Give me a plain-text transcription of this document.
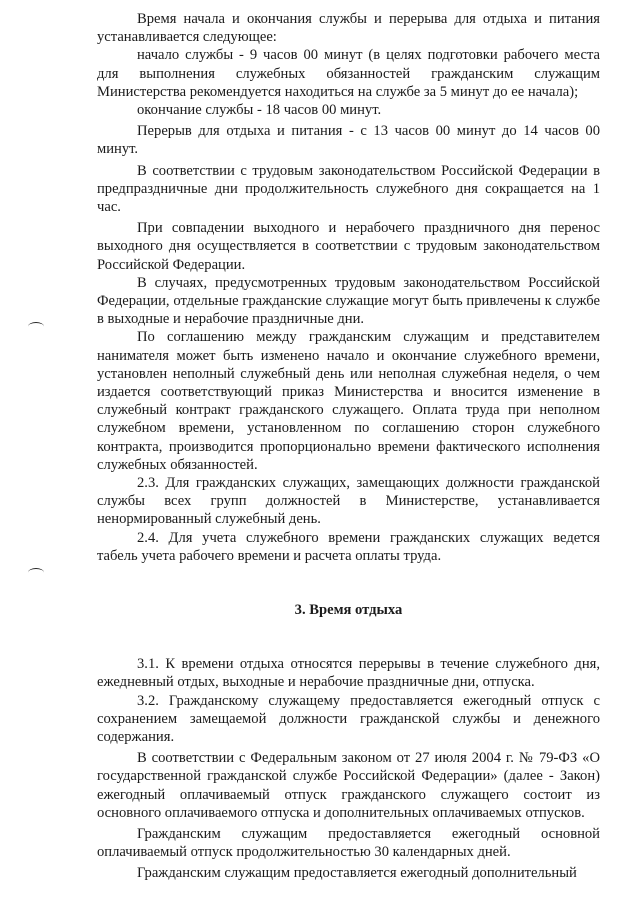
Время начала и окончания службы и перерыва для отдыха и питания устанавливается следующее:

начало службы - 9 часов 00 минут (в целях подготовки рабочего места для выполнения служебных обязанностей гражданским служащим Министерства рекомендуется находиться на службе за 5 минут до ее начала);

окончание службы - 18 часов 00 минут.

Перерыв для отдыха и питания - с 13 часов 00 минут до 14 часов 00 минут.

В соответствии с трудовым законодательством Российской Федерации в предпраздничные дни продолжительность служебного дня сокращается на 1 час.

При совпадении выходного и нерабочего праздничного дня перенос выходного дня осуществляется в соответствии с трудовым законодательством Российской Федерации.

В случаях, предусмотренных трудовым законодательством Российской Федерации, отдельные гражданские служащие могут быть привлечены к службе в выходные и нерабочие праздничные дни.

По соглашению между гражданским служащим и представителем нанимателя может быть изменено начало и окончание служебного времени, установлен неполный служебный день или неполная служебная неделя, о чем издается соответствующий приказ Министерства и вносится изменение в служебный контракт гражданского служащего. Оплата труда при неполном служебном времени, установленном по соглашению сторон служебного контракта, производится пропорционально времени фактического исполнения служебных обязанностей.

2.3. Для гражданских служащих, замещающих должности гражданской службы всех групп должностей в Министерстве, устанавливается ненормированный служебный день.

2.4. Для учета служебного времени гражданских служащих ведется табель учета рабочего времени и расчета оплаты труда.

3. Время отдыха

3.1. К времени отдыха относятся перерывы в течение служебного дня, ежедневный отдых, выходные и нерабочие праздничные дни, отпуска.

3.2. Гражданскому служащему предоставляется ежегодный отпуск с сохранением замещаемой должности гражданской службы и денежного содержания.

В соответствии с Федеральным законом от 27 июля 2004 г. № 79-ФЗ «О государственной гражданской службе Российской Федерации» (далее - Закон) ежегодный оплачиваемый отпуск гражданского служащего состоит из основного оплачиваемого отпуска и дополнительных оплачиваемых отпусков.

Гражданским служащим предоставляется ежегодный основной оплачиваемый отпуск продолжительностью 30 календарных дней.

Гражданским служащим предоставляется ежегодный дополнительный
